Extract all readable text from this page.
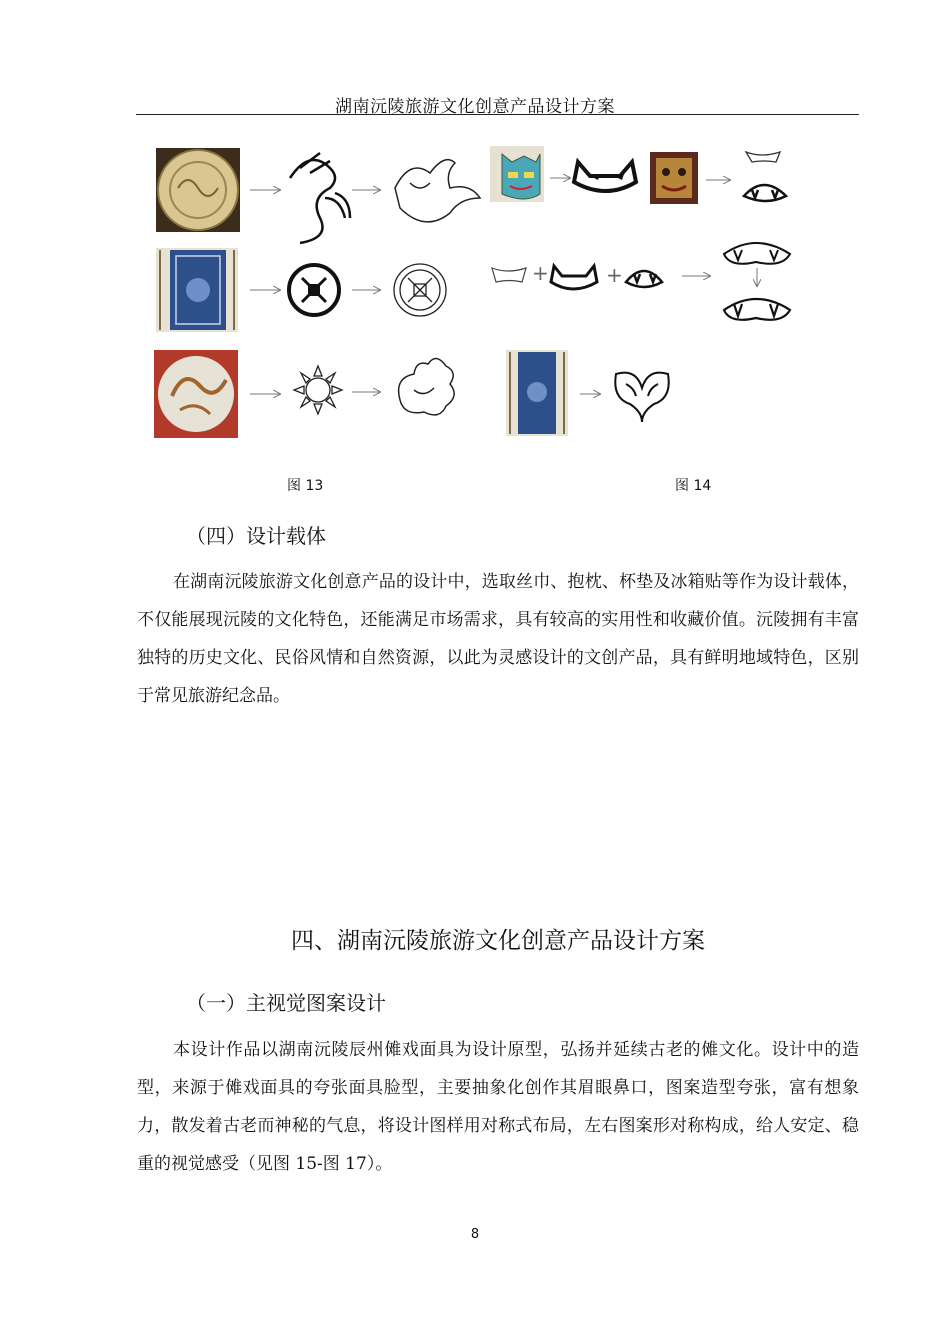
湖南沅陵旅游文化创意产品设计方案
+	+
图 13	图 14
（四）设计载体
在湖南沅陵旅游文化创意产品的设计中，选取丝巾、抱枕、杯垫及冰箱贴等作为设计载体，不仅能展现沅陵的文化特色，还能满足市场需求，具有较高的实用性和收藏价值。沅陵拥有丰富独特的历史文化、民俗风情和自然资源，以此为灵感设计的文创产品，具有鲜明地域特色，区别于常见旅游纪念品。
四、湖南沅陵旅游文化创意产品设计方案
（一）主视觉图案设计
本设计作品以湖南沅陵辰州傩戏面具为设计原型，弘扬并延续古老的傩文化。设计中的造型，来源于傩戏面具的夸张面具脸型，主要抽象化创作其眉眼鼻口，图案造型夸张，富有想象力，散发着古老而神秘的气息，将设计图样用对称式布局，左右图案形对称构成，给人安定、稳重的视觉感受（见图 15-图 17）。
8
